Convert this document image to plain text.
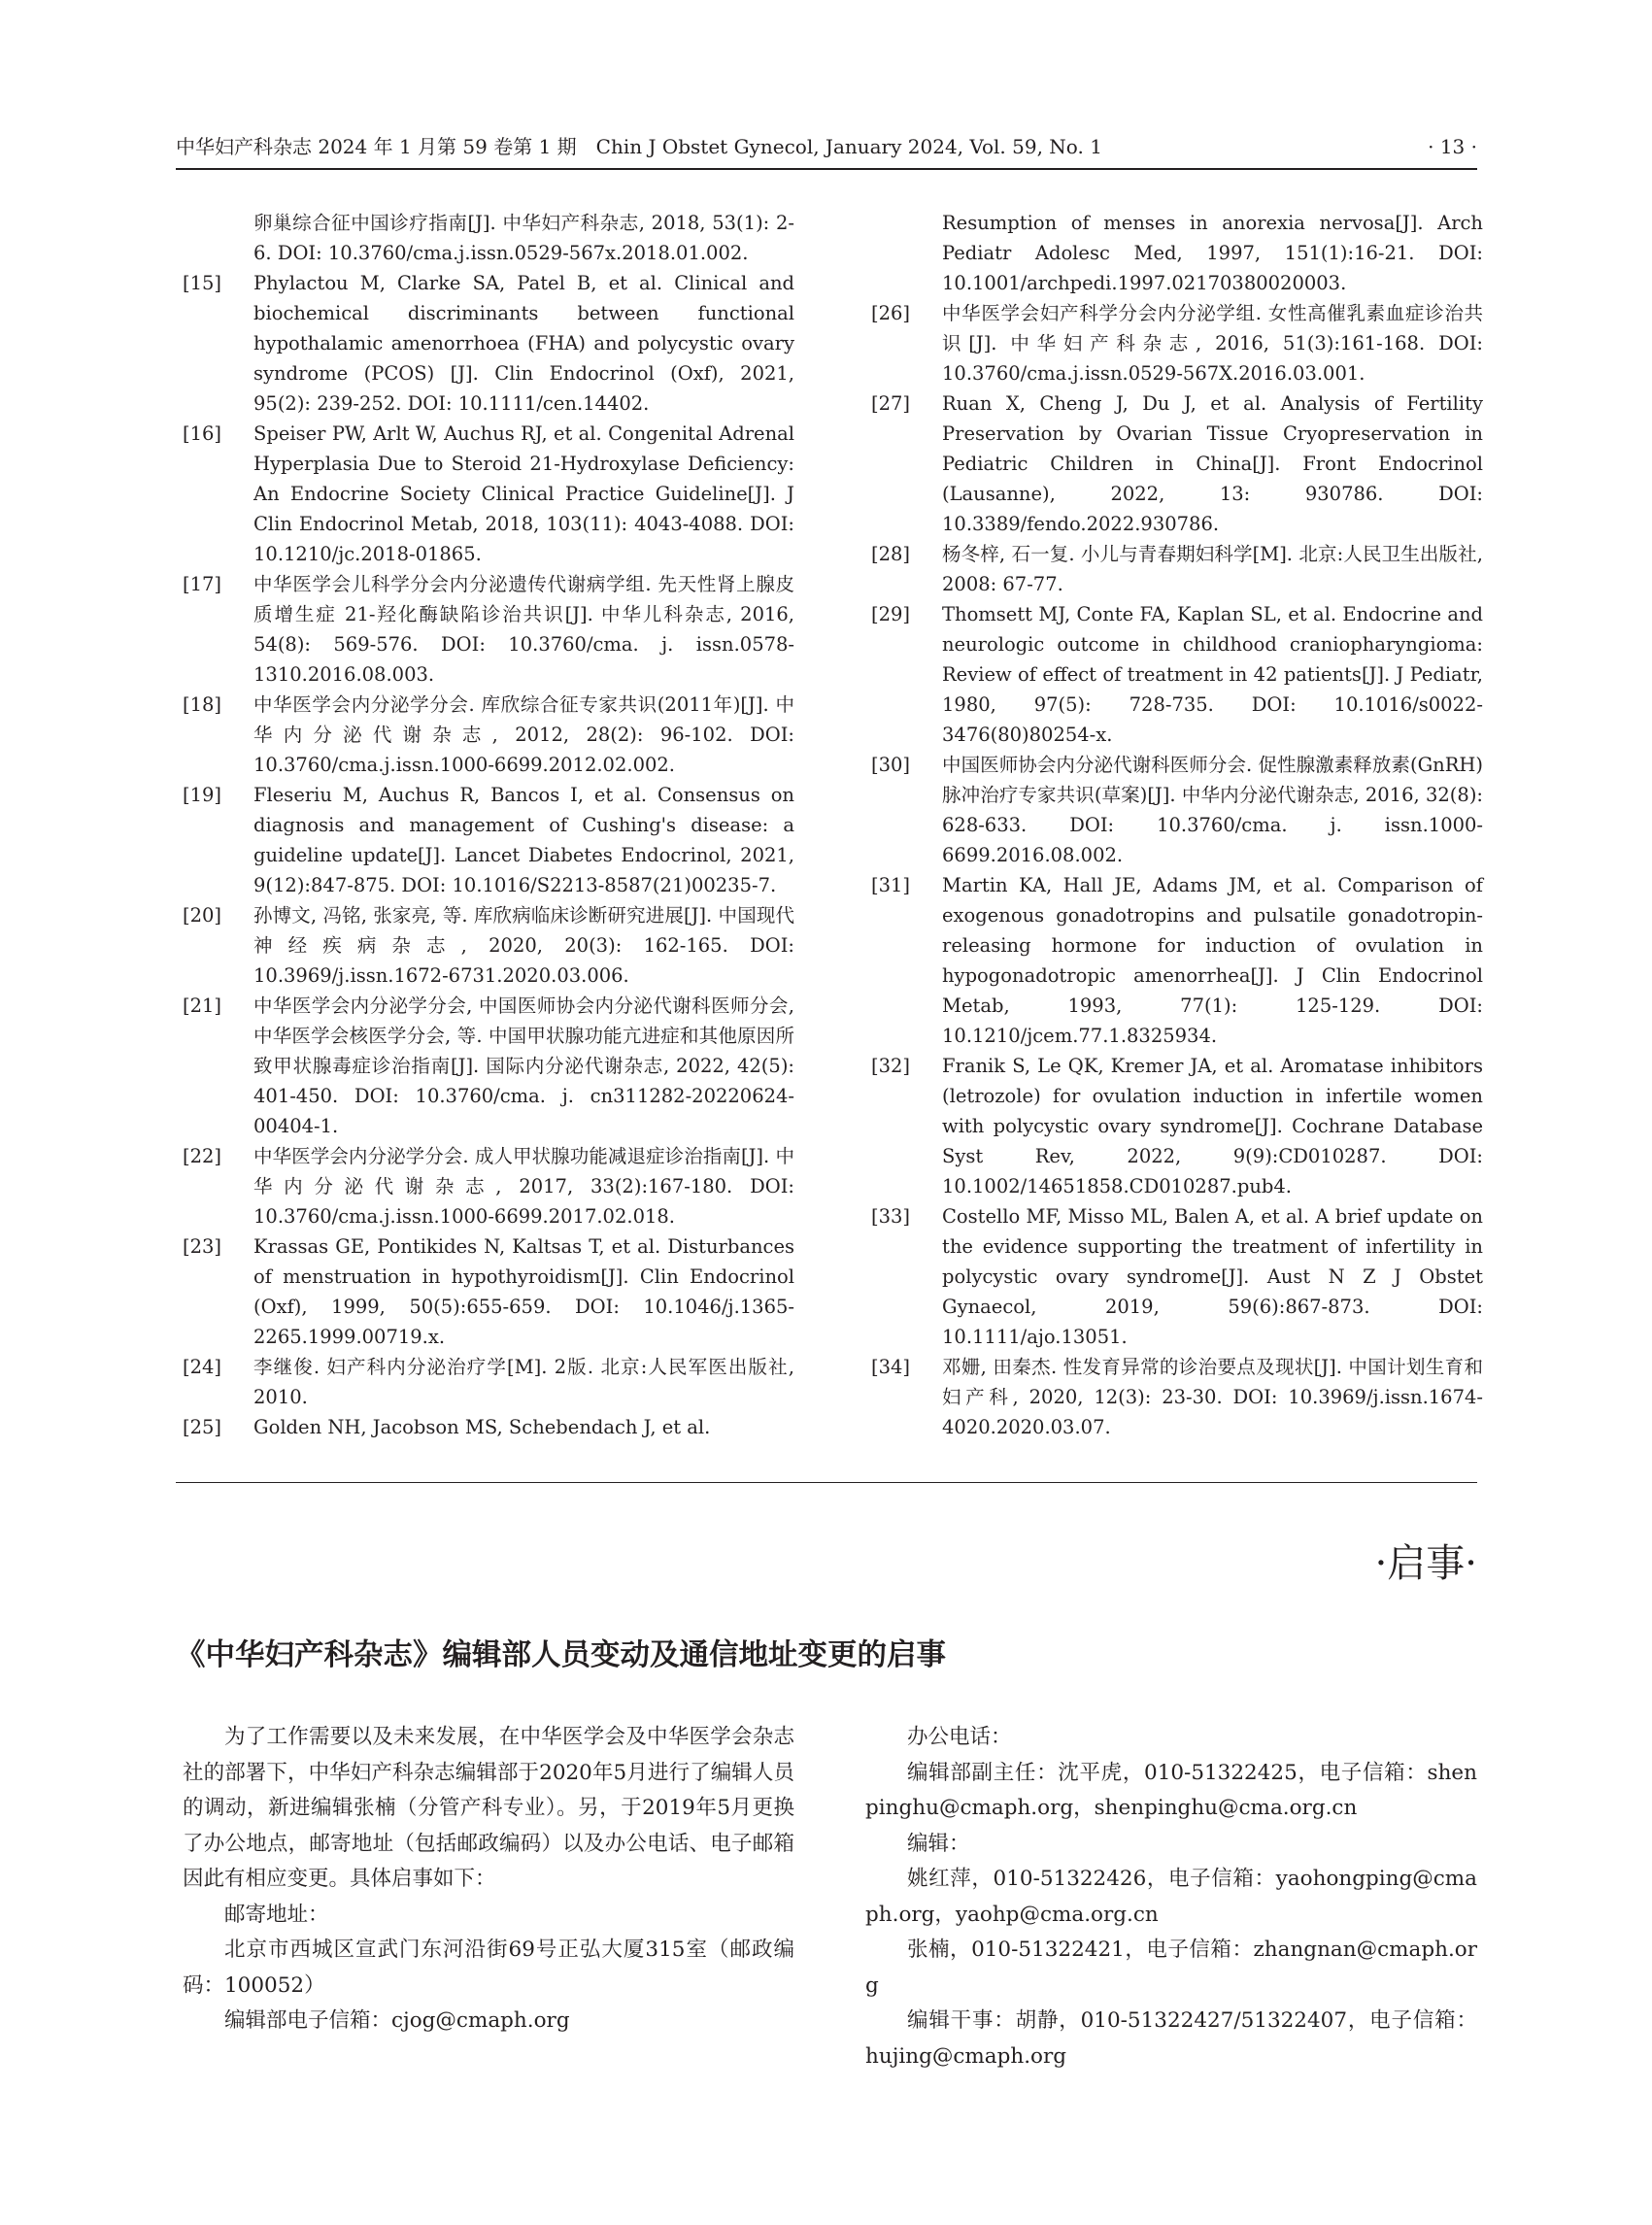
中华妇产科杂志 2024 年 1 月第 59 卷第 1 期　Chin J Obstet Gynecol, January 2024, Vol. 59, No. 1	· 13 ·
卵巢综合征中国诊疗指南[J]. 中华妇产科杂志, 2018, 53(1): 2-6. DOI: 10.3760/cma.j.issn.0529-567x.2018.01.002.
[15] Phylactou M, Clarke SA, Patel B, et al. Clinical and biochemical discriminants between functional hypothalamic amenorrhoea (FHA) and polycystic ovary syndrome (PCOS) [J]. Clin Endocrinol (Oxf), 2021, 95(2): 239-252. DOI: 10.1111/cen.14402.
[16] Speiser PW, Arlt W, Auchus RJ, et al. Congenital Adrenal Hyperplasia Due to Steroid 21-Hydroxylase Deficiency: An Endocrine Society Clinical Practice Guideline[J]. J Clin Endocrinol Metab, 2018, 103(11): 4043-4088. DOI: 10.1210/jc.2018-01865.
[17] 中华医学会儿科学分会内分泌遗传代谢病学组. 先天性肾上腺皮质增生症 21-羟化酶缺陷诊治共识[J]. 中华儿科杂志, 2016, 54(8): 569-576. DOI: 10.3760/cma. j. issn.0578-1310.2016.08.003.
[18] 中华医学会内分泌学分会. 库欣综合征专家共识(2011年)[J]. 中华内分泌代谢杂志, 2012, 28(2): 96-102. DOI: 10.3760/cma.j.issn.1000-6699.2012.02.002.
[19] Fleseriu M, Auchus R, Bancos I, et al. Consensus on diagnosis and management of Cushing's disease: a guideline update[J]. Lancet Diabetes Endocrinol, 2021, 9(12):847-875. DOI: 10.1016/S2213-8587(21)00235-7.
[20] 孙博文, 冯铭, 张家亮, 等. 库欣病临床诊断研究进展[J]. 中国现代神经疾病杂志, 2020, 20(3): 162-165. DOI: 10.3969/j.issn.1672-6731.2020.03.006.
[21] 中华医学会内分泌学分会, 中国医师协会内分泌代谢科医师分会, 中华医学会核医学分会, 等. 中国甲状腺功能亢进症和其他原因所致甲状腺毒症诊治指南[J]. 国际内分泌代谢杂志, 2022, 42(5): 401-450. DOI: 10.3760/cma. j. cn311282-20220624-00404-1.
[22] 中华医学会内分泌学分会. 成人甲状腺功能减退症诊治指南[J]. 中华内分泌代谢杂志, 2017, 33(2):167-180. DOI: 10.3760/cma.j.issn.1000-6699.2017.02.018.
[23] Krassas GE, Pontikides N, Kaltsas T, et al. Disturbances of menstruation in hypothyroidism[J]. Clin Endocrinol (Oxf), 1999, 50(5):655-659. DOI: 10.1046/j.1365-2265.1999.00719.x.
[24] 李继俊. 妇产科内分泌治疗学[M]. 2版. 北京:人民军医出版社, 2010.
[25] Golden NH, Jacobson MS, Schebendach J, et al.
Resumption of menses in anorexia nervosa[J]. Arch Pediatr Adolesc Med, 1997, 151(1):16-21. DOI: 10.1001/archpedi.1997.02170380020003.
[26] 中华医学会妇产科学分会内分泌学组. 女性高催乳素血症诊治共识[J]. 中华妇产科杂志, 2016, 51(3):161-168. DOI: 10.3760/cma.j.issn.0529-567X.2016.03.001.
[27] Ruan X, Cheng J, Du J, et al. Analysis of Fertility Preservation by Ovarian Tissue Cryopreservation in Pediatric Children in China[J]. Front Endocrinol (Lausanne), 2022, 13: 930786. DOI: 10.3389/fendo.2022.930786.
[28] 杨冬梓, 石一复. 小儿与青春期妇科学[M]. 北京:人民卫生出版社, 2008: 67-77.
[29] Thomsett MJ, Conte FA, Kaplan SL, et al. Endocrine and neurologic outcome in childhood craniopharyngioma: Review of effect of treatment in 42 patients[J]. J Pediatr, 1980, 97(5): 728-735. DOI: 10.1016/s0022-3476(80)80254-x.
[30] 中国医师协会内分泌代谢科医师分会. 促性腺激素释放素(GnRH)脉冲治疗专家共识(草案)[J]. 中华内分泌代谢杂志, 2016, 32(8): 628-633. DOI: 10.3760/cma. j. issn.1000-6699.2016.08.002.
[31] Martin KA, Hall JE, Adams JM, et al. Comparison of exogenous gonadotropins and pulsatile gonadotropin-releasing hormone for induction of ovulation in hypogonadotropic amenorrhea[J]. J Clin Endocrinol Metab, 1993, 77(1): 125-129. DOI: 10.1210/jcem.77.1.8325934.
[32] Franik S, Le QK, Kremer JA, et al. Aromatase inhibitors (letrozole) for ovulation induction in infertile women with polycystic ovary syndrome[J]. Cochrane Database Syst Rev, 2022, 9(9):CD010287. DOI: 10.1002/14651858.CD010287.pub4.
[33] Costello MF, Misso ML, Balen A, et al. A brief update on the evidence supporting the treatment of infertility in polycystic ovary syndrome[J]. Aust N Z J Obstet Gynaecol, 2019, 59(6):867-873. DOI: 10.1111/ajo.13051.
[34] 邓姗, 田秦杰. 性发育异常的诊治要点及现状[J]. 中国计划生育和妇产科, 2020, 12(3): 23-30. DOI: 10.3969/j.issn.1674-4020.2020.03.07.
·启事·
《中华妇产科杂志》编辑部人员变动及通信地址变更的启事

为了工作需要以及未来发展，在中华医学会及中华医学会杂志社的部署下，中华妇产科杂志编辑部于2020年5月进行了编辑人员的调动，新进编辑张楠（分管产科专业）。另，于2019年5月更换了办公地点，邮寄地址（包括邮政编码）以及办公电话、电子邮箱因此有相应变更。具体启事如下：

邮寄地址：

北京市西城区宣武门东河沿街69号正弘大厦315室（邮政编码：100052）

编辑部电子信箱：cjog@cmaph.org

办公电话：

编辑部副主任：沈平虎，010-51322425，电子信箱：shenpinghu@cmaph.org，shenpinghu@cma.org.cn

编辑：

姚红萍，010-51322426，电子信箱：yaohongping@cmaph.org，yaohp@cma.org.cn

张楠，010-51322421，电子信箱：zhangnan@cmaph.org

编辑干事：胡静，010-51322427/51322407，电子信箱：hujing@cmaph.org
